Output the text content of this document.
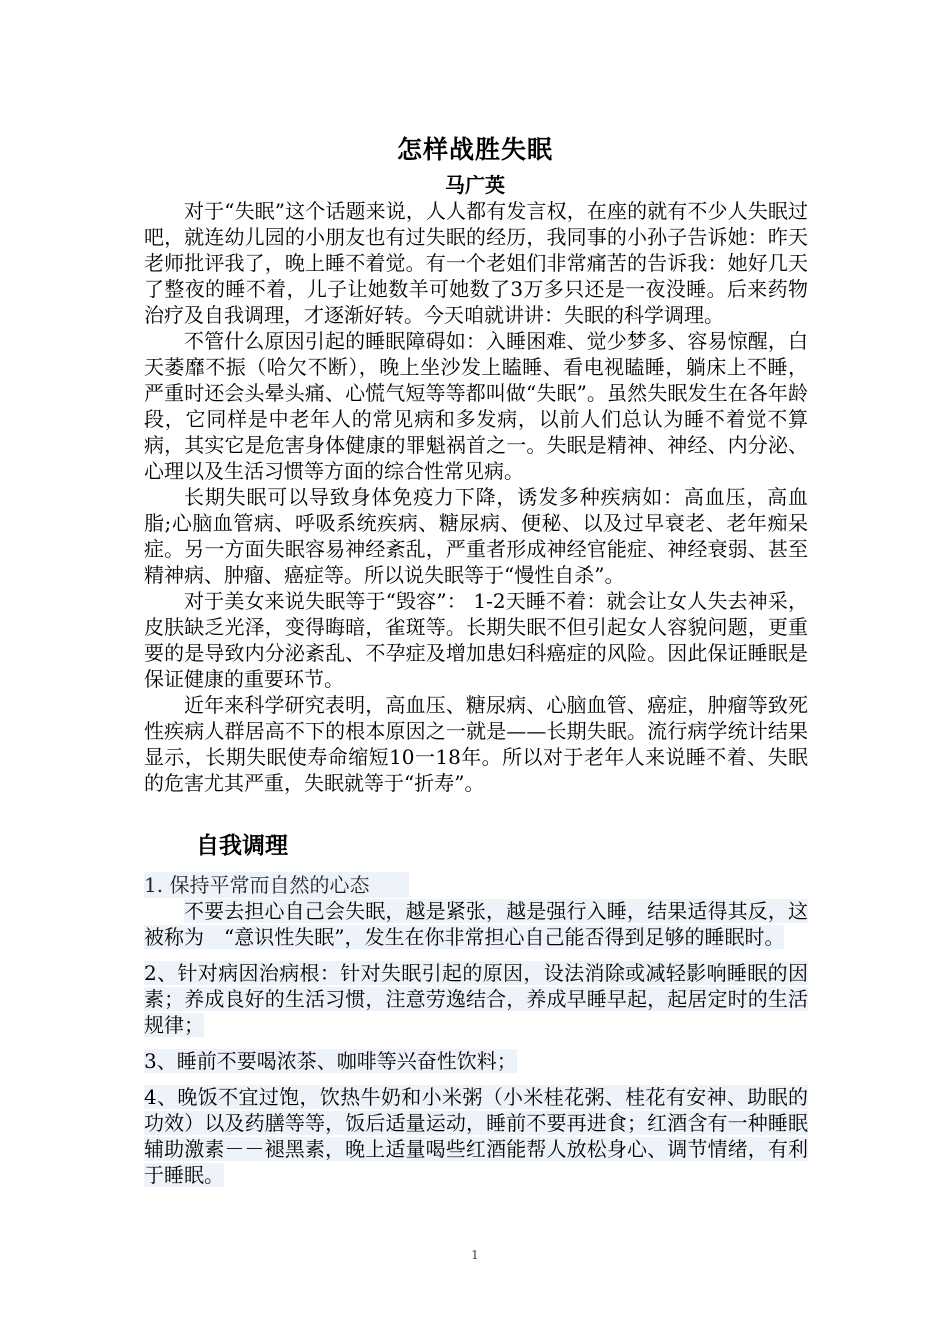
怎样战胜失眠
马广英

对于“失眠”这个话题来说，人人都有发言权，在座的就有不少人失眠过吧，就连幼儿园的小朋友也有过失眠的经历，我同事的小孙子告诉她：昨天老师批评我了，晚上睡不着觉。有一个老姐们非常痛苦的告诉我：她好几天了整夜的睡不着，儿子让她数羊可她数了3万多只还是一夜没睡。后来药物治疗及自我调理，才逐渐好转。今天咱就讲讲：失眠的科学调理。

不管什么原因引起的睡眠障碍如：入睡困难、觉少梦多、容易惊醒，白天萎靡不振（哈欠不断），晚上坐沙发上瞌睡、看电视瞌睡，躺床上不睡，严重时还会头晕头痛、心慌气短等等都叫做“失眠”。虽然失眠发生在各年龄段，它同样是中老年人的常见病和多发病，以前人们总认为睡不着觉不算病，其实它是危害身体健康的罪魁祸首之一。失眠是精神、神经、内分泌、心理以及生活习惯等方面的综合性常见病。

长期失眠可以导致身体免疫力下降，诱发多种疾病如：高血压，高血脂;心脑血管病、呼吸系统疾病、糖尿病、便秘、以及过早衰老、老年痴呆症。另一方面失眠容易神经紊乱，严重者形成神经官能症、神经衰弱、甚至精神病、肿瘤、癌症等。所以说失眠等于“慢性自杀”。

对于美女来说失眠等于“毁容”： 1-2天睡不着：就会让女人失去神采，皮肤缺乏光泽，变得晦暗，雀斑等。长期失眠不但引起女人容貌问题，更重要的是导致内分泌紊乱、不孕症及增加患妇科癌症的风险。因此保证睡眠是保证健康的重要环节。

近年来科学研究表明，高血压、糖尿病、心脑血管、癌症，肿瘤等致死性疾病人群居高不下的根本原因之一就是——长期失眠。流行病学统计结果显示，长期失眠使寿命缩短10一18年。所以对于老年人来说睡不着、失眠的危害尤其严重，失眠就等于“折寿”。

自我调理

1. 保持平常而自然的心态

不要去担心自己会失眠，越是紧张，越是强行入睡，结果适得其反，这被称为　“意识性失眠”，发生在你非常担心自己能否得到足够的睡眠时。

2、针对病因治病根：针对失眠引起的原因，设法消除或减轻影响睡眠的因素；养成良好的生活习惯，注意劳逸结合，养成早睡早起，起居定时的生活规律；

3、睡前不要喝浓茶、咖啡等兴奋性饮料；

4、晚饭不宜过饱，饮热牛奶和小米粥（小米桂花粥、桂花有安神、助眠的功效）以及药膳等等，饭后适量运动，睡前不要再进食；红酒含有一种睡眠辅助激素－－褪黑素，晚上适量喝些红酒能帮人放松身心、调节情绪，有利于睡眠。

1
